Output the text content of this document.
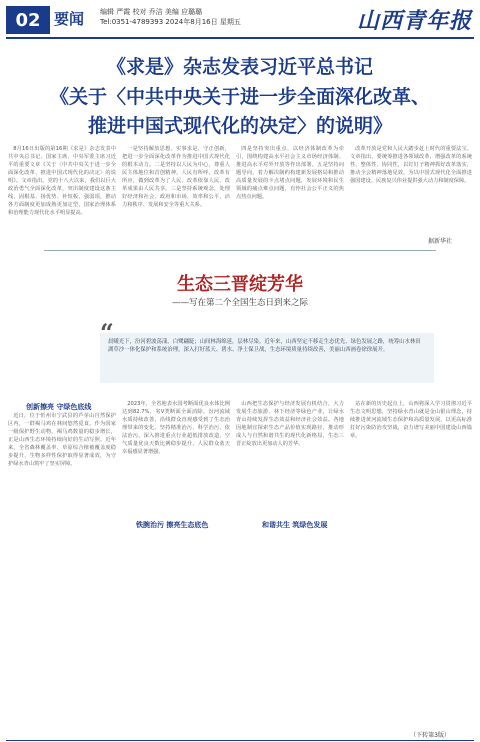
02 要闻 编辑 严霞 校对 乔洁 美编 应璐璐
Tel:0351-4789393 2024年8月16日 星期五	山西青年报
《求是》杂志发表习近平总书记
《关于〈中共中央关于进一步全面深化改革、
推进中国式现代化的决定〉的说明》

8月16日出版的第16期《求是》杂志发表中共中央总书记、国家主席、中央军委主席习近平的重要文章《关于〈中共中央关于进一步全面深化改革、推进中国式现代化的决定〉的说明》。文章指出，党的十八大以来，我们以巨大政治勇气全面深化改革，突出制度建设这条主线，固根基、扬优势、补短板、强弱项，推动各方面制度更加成熟更加定型，国家治理体系和治理能力现代化水平明显提高。

一是坚持解放思想、实事求是、守正创新，把进一步全面深化改革作为推进中国式现代化的根本动力。二是坚持以人民为中心，尊重人民主体地位和首创精神，人民有所呼、改革有所应，做到改革为了人民、改革依靠人民、改革成果由人民共享。三是坚持系统观念，处理好经济和社会、政府和市场、效率和公平、活力和秩序、发展和安全等重大关系。

四是坚持突出重点，以经济体制改革为牵引，围绕构建高水平社会主义市场经济体制、推进高水平对外开放等作出部署。五是坚持问题导向，着力解决制约构建新发展格局和推动高质量发展的卡点堵点问题，发展环境和民生领域的痛点难点问题，有悖社会公平正义的焦点热点问题。

改革开放是党和人民大踏步赶上时代的重要法宝。文章指出，要统筹推进各领域改革，增强改革的系统性、整体性、协同性，以钉钉子精神抓好改革落实，推动全会精神落地见效，为以中国式现代化全面推进强国建设、民族复兴伟业提供强大动力和制度保障。

据新华社
生态三晋绽芳华
——写在第二个全国生态日到来之际

晨曦光下，汾河碧波荡漾，白鹭翩跹；山间林海绵延，层林尽染。近年来，山西坚定不移走生态优先、绿色发展之路，统筹山水林田湖草沙一体化保护和系统治理，深入打好蓝天、碧水、净土保卫战，生态环境质量持续改善，美丽山西画卷徐徐展开。

创新擦亮 守绿色底线

近日，位于忻州市宁武县的芦芽山自然保护区内，一群褐马鸡在林间悠然觅食。作为国家一级保护野生动物，褐马鸡数量的稳步增长，正是山西生态环境持续向好的生动写照。近年来，全省森林覆盖率、草原综合植被覆盖度稳步提升，生物多样性保护取得显著成效，为守护绿水青山筑牢了坚实屏障。

2023年，全省地表水国考断面优良水体比例达到82.7%，劣Ⅴ类断面全面消除。汾河流域水质持续改善，沿线群众直观感受到了生态治理带来的变化。坚持精准治污、科学治污、依法治污，深入推进重点行业超低排放改造，空气质量优良天数比例稳步提升，人民群众蓝天幸福感显著增强。

铁腕治污 擦亮生态底色

山西把生态保护与经济发展有机结合，大力发展生态旅游、林下经济等绿色产业，让绿水青山持续发挥生态效益和经济社会效益。各地因地制宜探索生态产品价值实现路径，推动形成人与自然和谐共生的现代化新格局，生态三晋正绽放出更加动人的芳华。

和谐共生 筑绿色发展

站在新的历史起点上，山西将深入学习贯彻习近平生态文明思想，坚持绿水青山就是金山银山理念，持续推进黄河流域生态保护和高质量发展，以更高标准打好污染防治攻坚战，奋力谱写美丽中国建设山西篇章。

（下转第3版）
